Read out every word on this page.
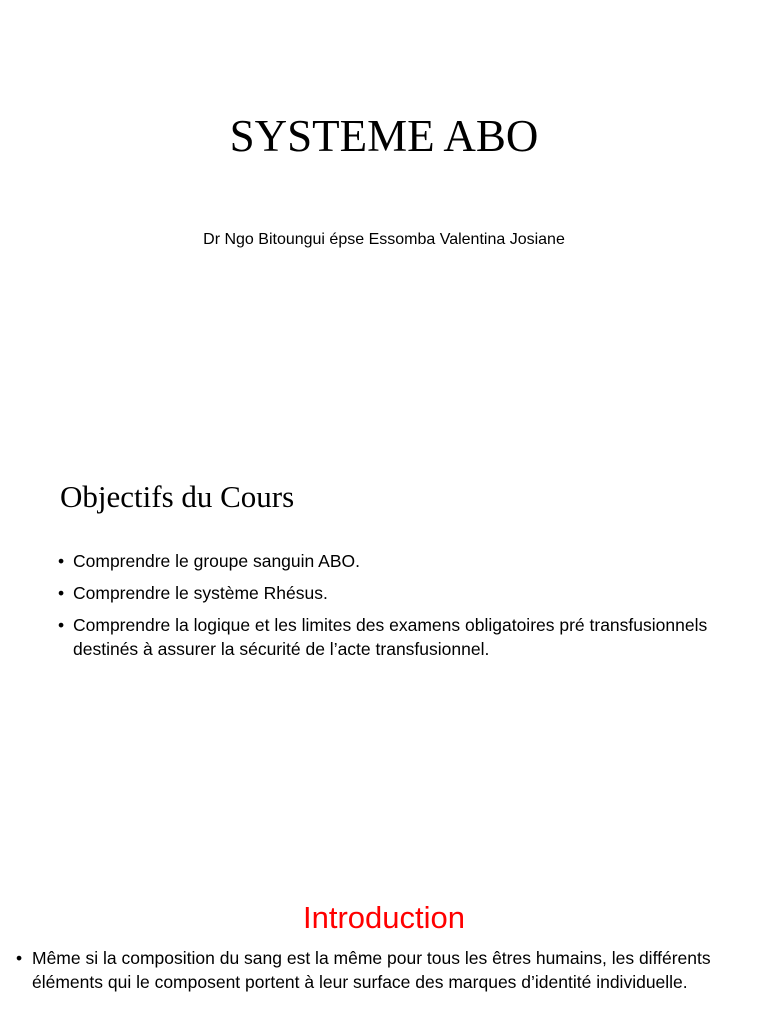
SYSTEME ABO
Dr Ngo Bitoungui épse Essomba Valentina Josiane
Objectifs du Cours
• Comprendre le groupe sanguin ABO.
• Comprendre le système Rhésus.
• Comprendre la logique et les limites des examens obligatoires pré transfusionnels destinés à assurer la sécurité de l’acte transfusionnel.
Introduction
• Même si la composition du sang est la même pour tous les êtres humains, les différents éléments qui le composent portent à leur surface des marques d’identité individuelle.
